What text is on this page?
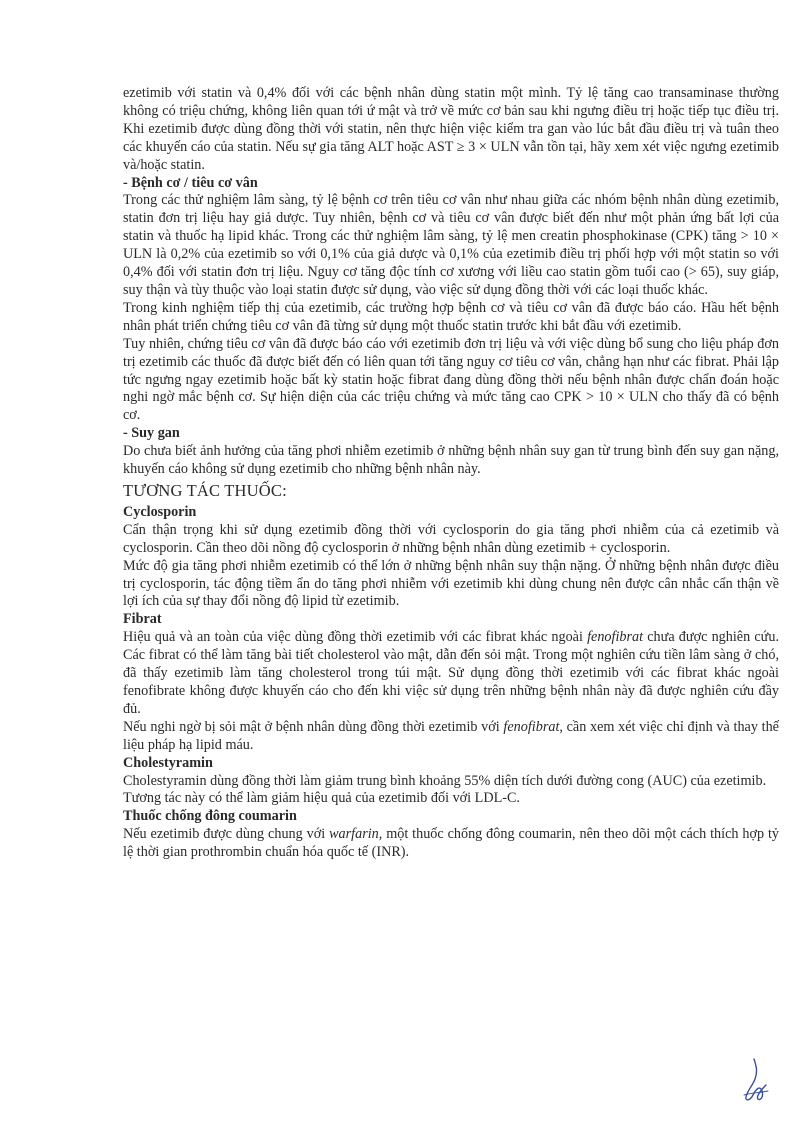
ezetimib với statin và 0,4% đối với các bệnh nhân dùng statin một mình. Tỷ lệ tăng cao transaminase thường không có triệu chứng, không liên quan tới ứ mật và trở về mức cơ bản sau khi ngưng điều trị hoặc tiếp tục điều trị. Khi ezetimib được dùng đồng thời với statin, nên thực hiện việc kiểm tra gan vào lúc bắt đầu điều trị và tuân theo các khuyến cáo của statin. Nếu sự gia tăng ALT hoặc AST ≥ 3 × ULN vẫn tồn tại, hãy xem xét việc ngưng ezetimib và/hoặc statin.

- Bệnh cơ / tiêu cơ vân

Trong các thử nghiệm lâm sàng, tỷ lệ bệnh cơ trên tiêu cơ vân như nhau giữa các nhóm bệnh nhân dùng ezetimib, statin đơn trị liệu hay giả dược. Tuy nhiên, bệnh cơ và tiêu cơ vân được biết đến như một phản ứng bất lợi của statin và thuốc hạ lipid khác. Trong các thử nghiệm lâm sàng, tỷ lệ men creatin phosphokinase (CPK) tăng > 10 × ULN là 0,2% của ezetimib so với 0,1% của giả dược và 0,1% của ezetimib điều trị phối hợp với một statin so với 0,4% đối với statin đơn trị liệu. Nguy cơ tăng độc tính cơ xương với liều cao statin gồm tuổi cao (> 65), suy giáp, suy thận và tùy thuộc vào loại statin được sử dụng, vào việc sử dụng đồng thời với các loại thuốc khác.

Trong kinh nghiệm tiếp thị của ezetimib, các trường hợp bệnh cơ và tiêu cơ vân đã được báo cáo. Hầu hết bệnh nhân phát triển chứng tiêu cơ vân đã từng sử dụng một thuốc statin trước khi bắt đầu với ezetimib.

Tuy nhiên, chứng tiêu cơ vân đã được báo cáo với ezetimib đơn trị liệu và với việc dùng bổ sung cho liệu pháp đơn trị ezetimib các thuốc đã được biết đến có liên quan tới tăng nguy cơ tiêu cơ vân, chẳng hạn như các fibrat. Phải lập tức ngưng ngay ezetimib hoặc bất kỳ statin hoặc fibrat đang dùng đồng thời nếu bệnh nhân được chẩn đoán hoặc nghi ngờ mắc bệnh cơ. Sự hiện diện của các triệu chứng và mức tăng cao CPK > 10 × ULN cho thấy đã có bệnh cơ.

- Suy gan

Do chưa biết ảnh hưởng của tăng phơi nhiễm ezetimib ở những bệnh nhân suy gan từ trung bình đến suy gan nặng, khuyến cáo không sử dụng ezetimib cho những bệnh nhân này.

TƯƠNG TÁC THUỐC:
Cyclosporin

Cẩn thận trọng khi sử dụng ezetimib đồng thời với cyclosporin do gia tăng phơi nhiễm của cả ezetimib và cyclosporin. Cần theo dõi nồng độ cyclosporin ở những bệnh nhân dùng ezetimib + cyclosporin.

Mức độ gia tăng phơi nhiễm ezetimib có thể lớn ở những bệnh nhân suy thận nặng. Ở những bệnh nhân được điều trị cyclosporin, tác động tiềm ẩn do tăng phơi nhiễm với ezetimib khi dùng chung nên được cân nhắc cẩn thận về lợi ích của sự thay đổi nồng độ lipid từ ezetimib.

Fibrat

Hiệu quả và an toàn của việc dùng đồng thời ezetimib với các fibrat khác ngoài fenofibrat chưa được nghiên cứu. Các fibrat có thể làm tăng bài tiết cholesterol vào mật, dẫn đến sỏi mật. Trong một nghiên cứu tiền lâm sàng ở chó, đã thấy ezetimib làm tăng cholesterol trong túi mật. Sử dụng đồng thời ezetimib với các fibrat khác ngoài fenofibrate không được khuyến cáo cho đến khi việc sử dụng trên những bệnh nhân này đã được nghiên cứu đầy đủ.

Nếu nghi ngờ bị sỏi mật ở bệnh nhân dùng đồng thời ezetimib với fenofibrat, cần xem xét việc chỉ định và thay thế liệu pháp hạ lipid máu.

Cholestyramin

Cholestyramin dùng đồng thời làm giảm trung bình khoảng 55% diện tích dưới đường cong (AUC) của ezetimib.

Tương tác này có thể làm giảm hiệu quả của ezetimib đối với LDL-C.

Thuốc chống đông coumarin

Nếu ezetimib được dùng chung với warfarin, một thuốc chống đông coumarin, nên theo dõi một cách thích hợp tỷ lệ thời gian prothrombin chuẩn hóa quốc tế (INR).
